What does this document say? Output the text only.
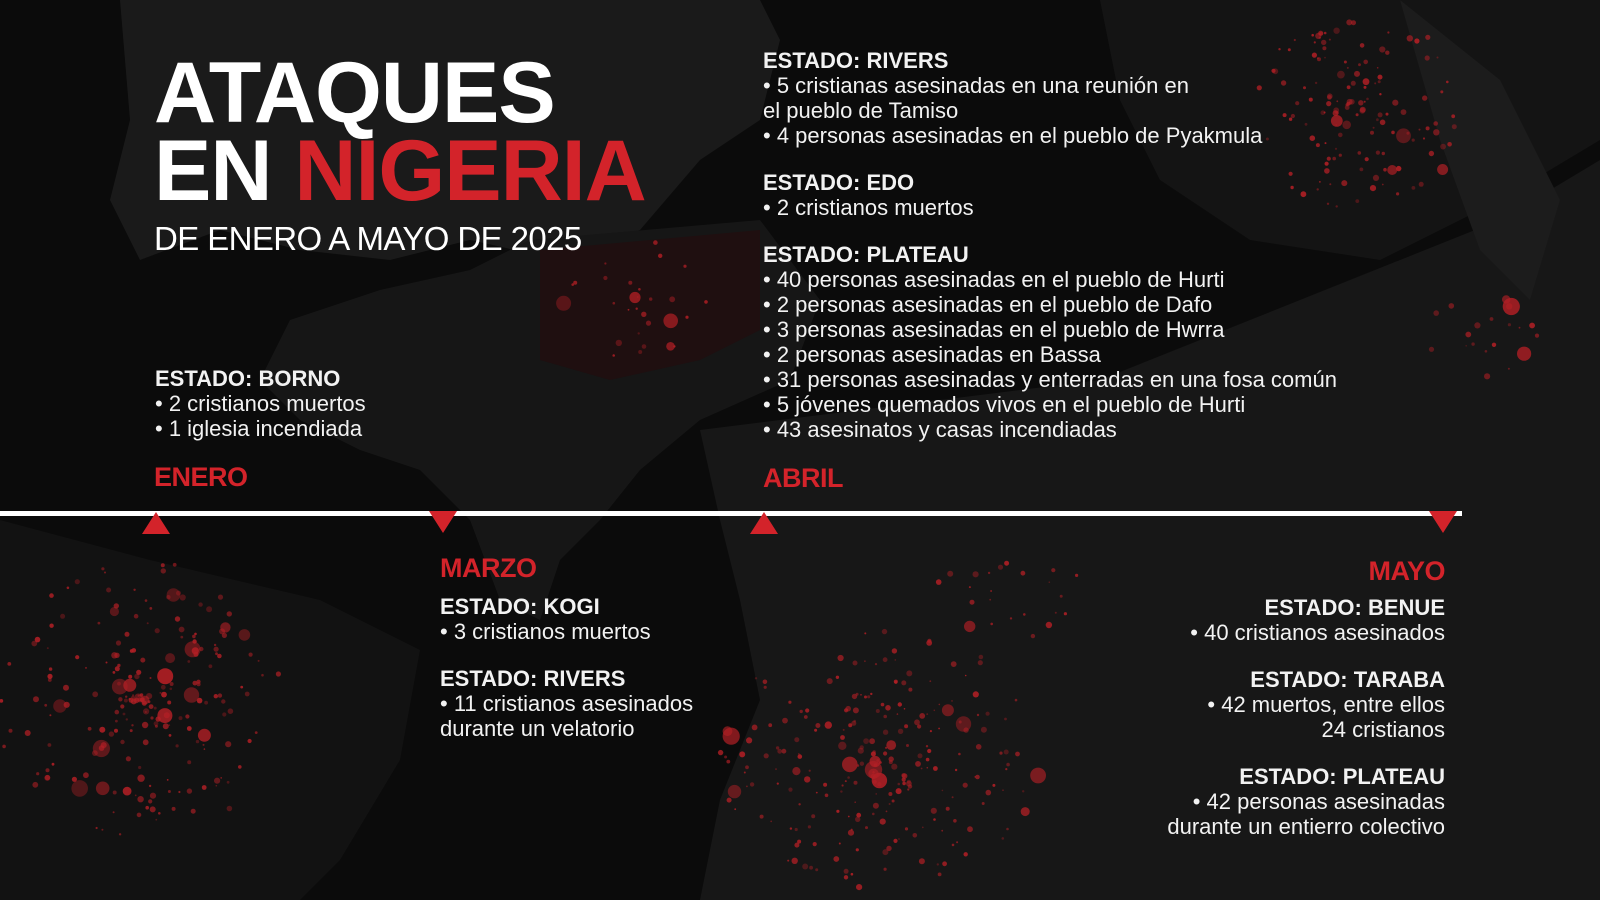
ATAQUES
EN NIGERIA
DE ENERO A MAYO DE 2025
ESTADO: BORNO
• 2 cristianos muertos
• 1 iglesia incendiada
ENERO
ESTADO: RIVERS
• 5 cristianas asesinadas en una reunión en
el pueblo de Tamiso
• 4 personas asesinadas en el pueblo de Pyakmula
ESTADO: EDO
• 2 cristianos muertos
ESTADO: PLATEAU
• 40 personas asesinadas en el pueblo de Hurti
• 2 personas asesinadas en el pueblo de Dafo
• 3 personas asesinadas en el pueblo de Hwrra
• 2 personas asesinadas en Bassa
• 31 personas asesinadas y enterradas en una fosa común
• 5 jóvenes quemados vivos en el pueblo de Hurti
• 43 asesinatos y casas incendiadas
ABRIL
MARZO
ESTADO: KOGI
• 3 cristianos muertos
ESTADO: RIVERS
• 11 cristianos asesinados
durante un velatorio
MAYO
ESTADO: BENUE
• 40 cristianos asesinados
ESTADO: TARABA
• 42 muertos, entre ellos
24 cristianos
ESTADO: PLATEAU
• 42 personas asesinadas
durante un entierro colectivo
